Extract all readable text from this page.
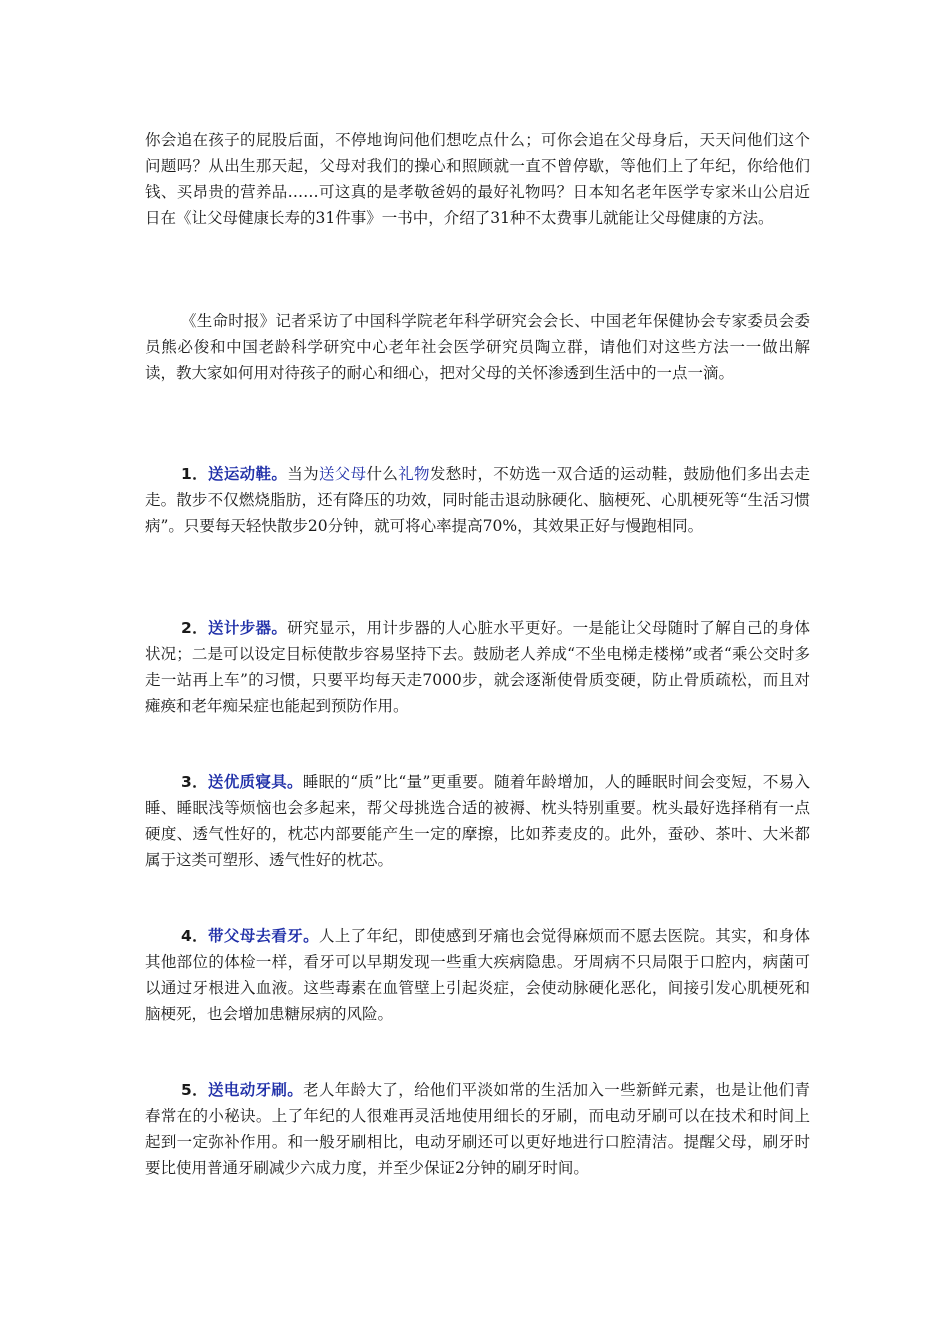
你会追在孩子的屁股后面，不停地询问他们想吃点什么；可你会追在父母身后，天天问他们这个问题吗？从出生那天起，父母对我们的操心和照顾就一直不曾停歇，等他们上了年纪，你给他们钱、买昂贵的营养品……可这真的是孝敬爸妈的最好礼物吗？日本知名老年医学专家米山公启近日在《让父母健康长寿的31件事》一书中，介绍了31种不太费事儿就能让父母健康的方法。

《生命时报》记者采访了中国科学院老年科学研究会会长、中国老年保健协会专家委员会委员熊必俊和中国老龄科学研究中心老年社会医学研究员陶立群，请他们对这些方法一一做出解读，教大家如何用对待孩子的耐心和细心，把对父母的关怀渗透到生活中的一点一滴。

1．送运动鞋。当为送父母什么礼物发愁时，不妨选一双合适的运动鞋，鼓励他们多出去走走。散步不仅燃烧脂肪，还有降压的功效，同时能击退动脉硬化、脑梗死、心肌梗死等“生活习惯病”。只要每天轻快散步20分钟，就可将心率提高70%，其效果正好与慢跑相同。

2．送计步器。研究显示，用计步器的人心脏水平更好。一是能让父母随时了解自己的身体状况；二是可以设定目标使散步容易坚持下去。鼓励老人养成“不坐电梯走楼梯”或者“乘公交时多走一站再上车”的习惯，只要平均每天走7000步，就会逐渐使骨质变硬，防止骨质疏松，而且对瘫痪和老年痴呆症也能起到预防作用。

3．送优质寝具。睡眠的“质”比“量”更重要。随着年龄增加，人的睡眠时间会变短，不易入睡、睡眠浅等烦恼也会多起来，帮父母挑选合适的被褥、枕头特别重要。枕头最好选择稍有一点硬度、透气性好的，枕芯内部要能产生一定的摩擦，比如荞麦皮的。此外，蚕砂、茶叶、大米都属于这类可塑形、透气性好的枕芯。

4．带父母去看牙。人上了年纪，即使感到牙痛也会觉得麻烦而不愿去医院。其实，和身体其他部位的体检一样，看牙可以早期发现一些重大疾病隐患。牙周病不只局限于口腔内，病菌可以通过牙根进入血液。这些毒素在血管壁上引起炎症，会使动脉硬化恶化，间接引发心肌梗死和脑梗死，也会增加患糖尿病的风险。

5．送电动牙刷。老人年龄大了，给他们平淡如常的生活加入一些新鲜元素，也是让他们青春常在的小秘诀。上了年纪的人很难再灵活地使用细长的牙刷，而电动牙刷可以在技术和时间上起到一定弥补作用。和一般牙刷相比，电动牙刷还可以更好地进行口腔清洁。提醒父母，刷牙时要比使用普通牙刷减少六成力度，并至少保证2分钟的刷牙时间。
